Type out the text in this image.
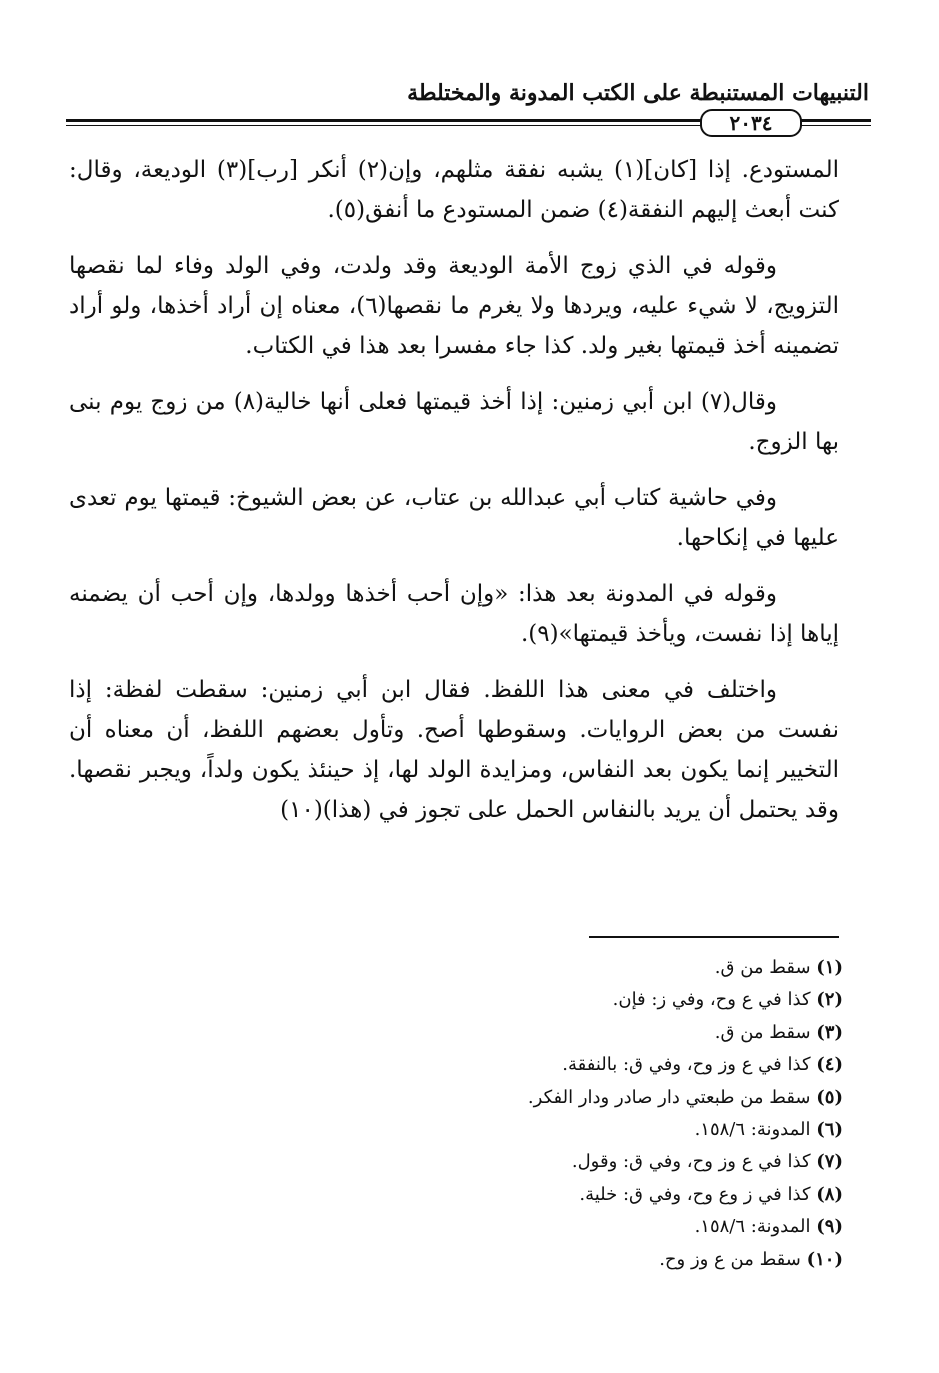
التنبيهات المستنبطة على الكتب المدونة والمختلطة
٢٠٣٤

المستودع. إذا [كان](١) يشبه نفقة مثلهم، وإن(٢) أنكر [رب](٣) الوديعة، وقال: كنت أبعث إليهم النفقة(٤) ضمن المستودع ما أنفق(٥).

وقوله في الذي زوج الأمة الوديعة وقد ولدت، وفي الولد وفاء لما نقصها التزويج، لا شيء عليه، ويردها ولا يغرم ما نقصها(٦)، معناه إن أراد أخذها، ولو أراد تضمينه أخذ قيمتها بغير ولد. كذا جاء مفسرا بعد هذا في الكتاب.

وقال(٧) ابن أبي زمنين: إذا أخذ قيمتها فعلى أنها خالية(٨) من زوج يوم بنى بها الزوج.

وفي حاشية كتاب أبي عبدالله بن عتاب، عن بعض الشيوخ: قيمتها يوم تعدى عليها في إنكاحها.

وقوله في المدونة بعد هذا: «وإن أحب أخذها وولدها، وإن أحب أن يضمنه إياها إذا نفست، ويأخذ قيمتها»(٩).

واختلف في معنى هذا اللفظ. فقال ابن أبي زمنين: سقطت لفظة: إذا نفست من بعض الروايات. وسقوطها أصح. وتأول بعضهم اللفظ، أن معناه أن التخيير إنما يكون بعد النفاس، ومزايدة الولد لها، إذ حينئذ يكون ولداً، ويجبر نقصها. وقد يحتمل أن يريد بالنفاس الحمل على تجوز في (هذا)(١٠)

(١) سقط من ق.
(٢) كذا في ع وح، وفي ز: فإن.
(٣) سقط من ق.
(٤) كذا في ع وز وح، وفي ق: بالنفقة.
(٥) سقط من طبعتي دار صادر ودار الفكر.
(٦) المدونة: ١٥٨/٦.
(٧) كذا في ع وز وح، وفي ق: وقول.
(٨) كذا في ز وع وح، وفي ق: خلية.
(٩) المدونة: ١٥٨/٦.
(١٠) سقط من ع وز وح.
